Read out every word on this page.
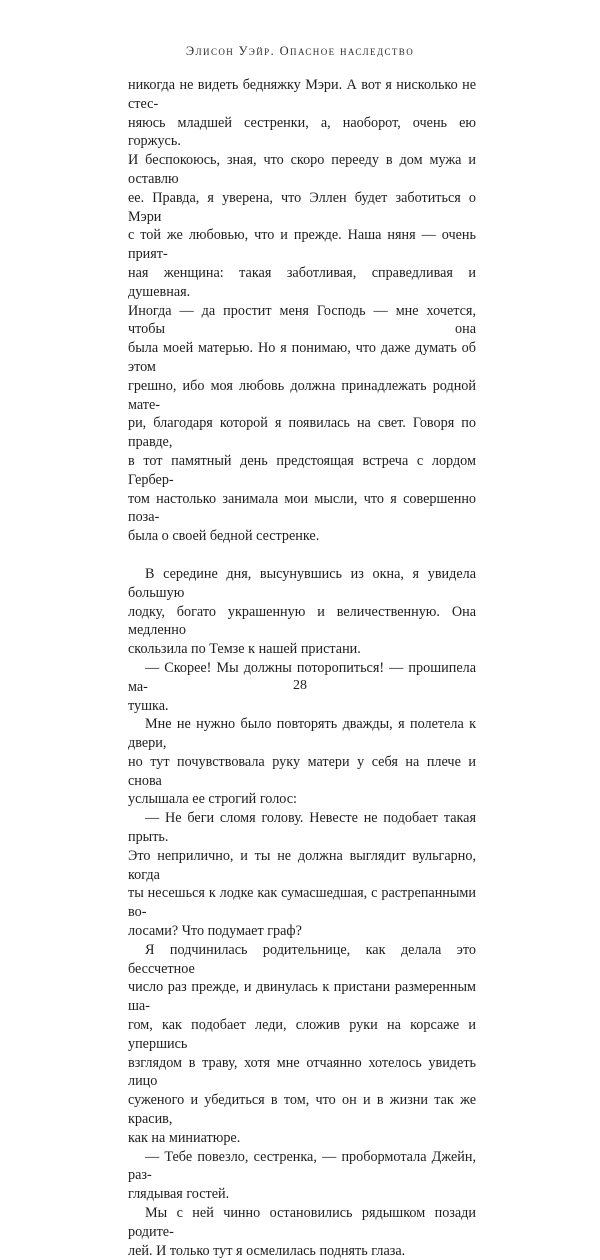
Элисон Уэйр. Опасное наследство

никогда не видеть бедняжку Мэри. А вот я нисколько не стес-
няюсь младшей сестренки, а, наоборот, очень ею горжусь.
И беспокоюсь, зная, что скоро перееду в дом мужа и оставлю
ее. Правда, я уверена, что Эллен будет заботиться о Мэри
с той же любовью, что и прежде. Наша няня — очень прият-
ная женщина: такая заботливая, справедливая и душевная.
Иногда — да простит меня Господь — мне хочется, чтобы она
была моей матерью. Но я понимаю, что даже думать об этом
грешно, ибо моя любовь должна принадлежать родной мате-
ри, благодаря которой я появилась на свет. Говоря по правде,
в тот памятный день предстоящая встреча с лордом Гербер-
том настолько занимала мои мысли, что я совершенно поза-
была о своей бедной сестренке.

В середине дня, высунувшись из окна, я увидела большую
лодку, богато украшенную и величественную. Она медленно
скользила по Темзе к нашей пристани.

— Скорее! Мы должны поторопиться! — прошипела ма-
тушка.

Мне не нужно было повторять дважды, я полетела к двери,
но тут почувствовала руку матери у себя на плече и снова
услышала ее строгий голос:

— Не беги сломя голову. Невесте не подобает такая прыть.
Это неприлично, и ты не должна выглядит вульгарно, когда
ты несешься к лодке как сумасшедшая, с растрепанными во-
лосами? Что подумает граф?

Я подчинилась родительнице, как делала это бессчетное
число раз прежде, и двинулась к пристани размеренным ша-
гом, как подобает леди, сложив руки на корсаже и упершись
взглядом в траву, хотя мне отчаянно хотелось увидеть лицо
суженого и убедиться в том, что он и в жизни так же красив,
как на миниатюре.

— Тебе повезло, сестренка, — пробормотала Джейн, раз-
глядывая гостей.

Мы с ней чинно остановились рядышком позади родите-
лей. И только тут я осмелилась поднять глаза.

28
